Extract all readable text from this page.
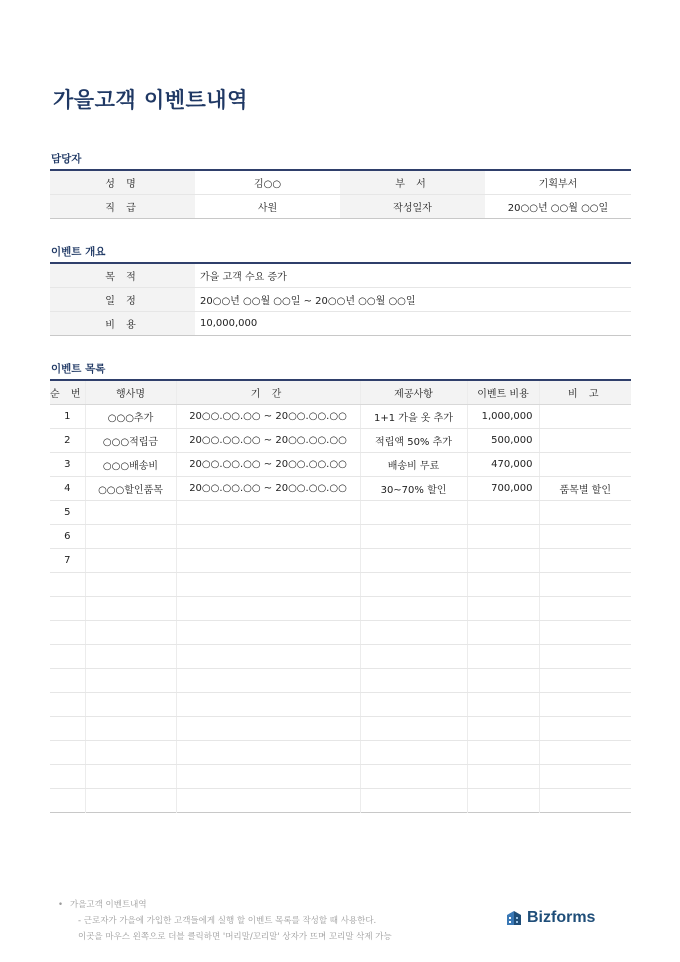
가을고객 이벤트내역
담당자
성 명	김○○	부 서	기획부서
직 급	사원	작성일자	20○○년 ○○월 ○○일
이벤트 개요
목 적	가을 고객 수요 증가
일 정	20○○년 ○○월 ○○일 ~ 20○○년 ○○월 ○○일
비 용	10,000,000
이벤트 목록
순 번	행사명	기 간	제공사항	이벤트 비용	비 고
1	○○○추가	20○○.○○.○○ ~ 20○○.○○.○○	1+1 가을 옷 추가	1,000,000	
2	○○○적립금	20○○.○○.○○ ~ 20○○.○○.○○	적립액 50% 추가	500,000	
3	○○○배송비	20○○.○○.○○ ~ 20○○.○○.○○	배송비 무료	470,000	
4	○○○할인품목	20○○.○○.○○ ~ 20○○.○○.○○	30~70% 할인	700,000	품목별 할인
5					
6					
7					

• 가을고객 이벤트내역
- 근로자가 가을에 가입한 고객들에게 실행 할 이벤트 목록를 작성할 때 사용한다.
이곳을 마우스 왼쪽으로 더블 클릭하면 '머리말/꼬리말' 상자가 뜨며 꼬리말 삭제 가능
Bizforms
